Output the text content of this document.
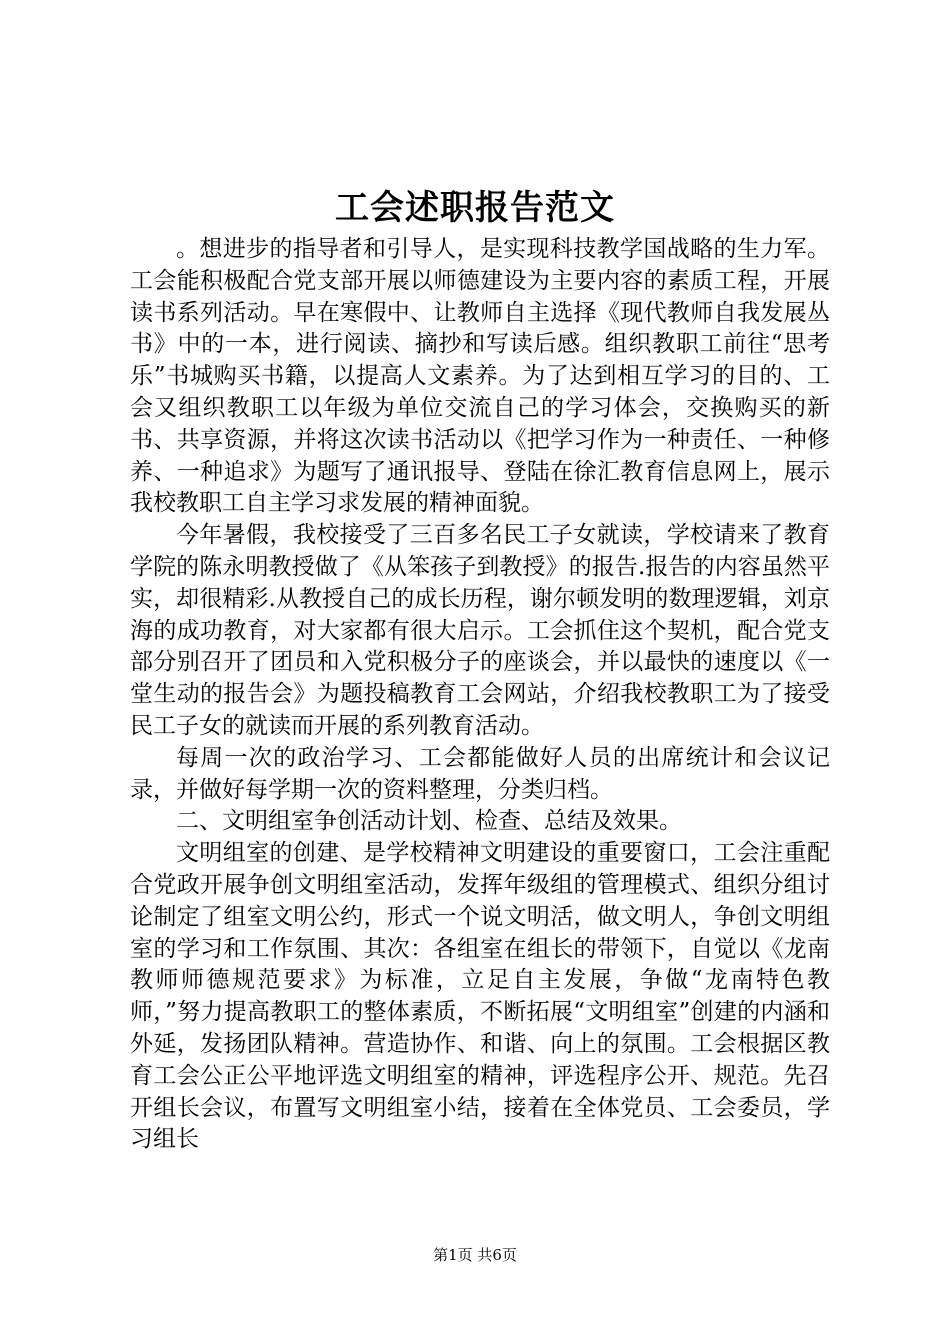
工会述职报告范文

。想进步的指导者和引导人，是实现科技教学国战略的生力军。工会能积极配合党支部开展以师德建设为主要内容的素质工程，开展读书系列活动。早在寒假中、让教师自主选择《现代教师自我发展丛书》中的一本，进行阅读、摘抄和写读后感。组织教职工前往“思考乐”书城购买书籍，以提高人文素养。为了达到相互学习的目的、工会又组织教职工以年级为单位交流自己的学习体会，交换购买的新书、共享资源，并将这次读书活动以《把学习作为一种责任、一种修养、一种追求》为题写了通讯报导、登陆在徐汇教育信息网上，展示我校教职工自主学习求发展的精神面貌。

今年暑假，我校接受了三百多名民工子女就读，学校请来了教育学院的陈永明教授做了《从笨孩子到教授》的报告.报告的内容虽然平实，却很精彩.从教授自己的成长历程，谢尔顿发明的数理逻辑，刘京海的成功教育，对大家都有很大启示。工会抓住这个契机，配合党支部分别召开了团员和入党积极分子的座谈会，并以最快的速度以《一堂生动的报告会》为题投稿教育工会网站，介绍我校教职工为了接受民工子女的就读而开展的系列教育活动。

每周一次的政治学习、工会都能做好人员的出席统计和会议记录，并做好每学期一次的资料整理，分类归档。

二、文明组室争创活动计划、检查、总结及效果。

文明组室的创建、是学校精神文明建设的重要窗口，工会注重配合党政开展争创文明组室活动，发挥年级组的管理模式、组织分组讨论制定了组室文明公约，形式一个说文明活，做文明人，争创文明组室的学习和工作氛围、其次：各组室在组长的带领下，自觉以《龙南教师师德规范要求》为标准，立足自主发展，争做“龙南特色教师，”努力提高教职工的整体素质，不断拓展“文明组室”创建的内涵和外延，发扬团队精神。营造协作、和谐、向上的氛围。工会根据区教育工会公正公平地评选文明组室的精神，评选程序公开、规范。先召开组长会议，布置写文明组室小结，接着在全体党员、工会委员，学习组长

第1页 共6页
